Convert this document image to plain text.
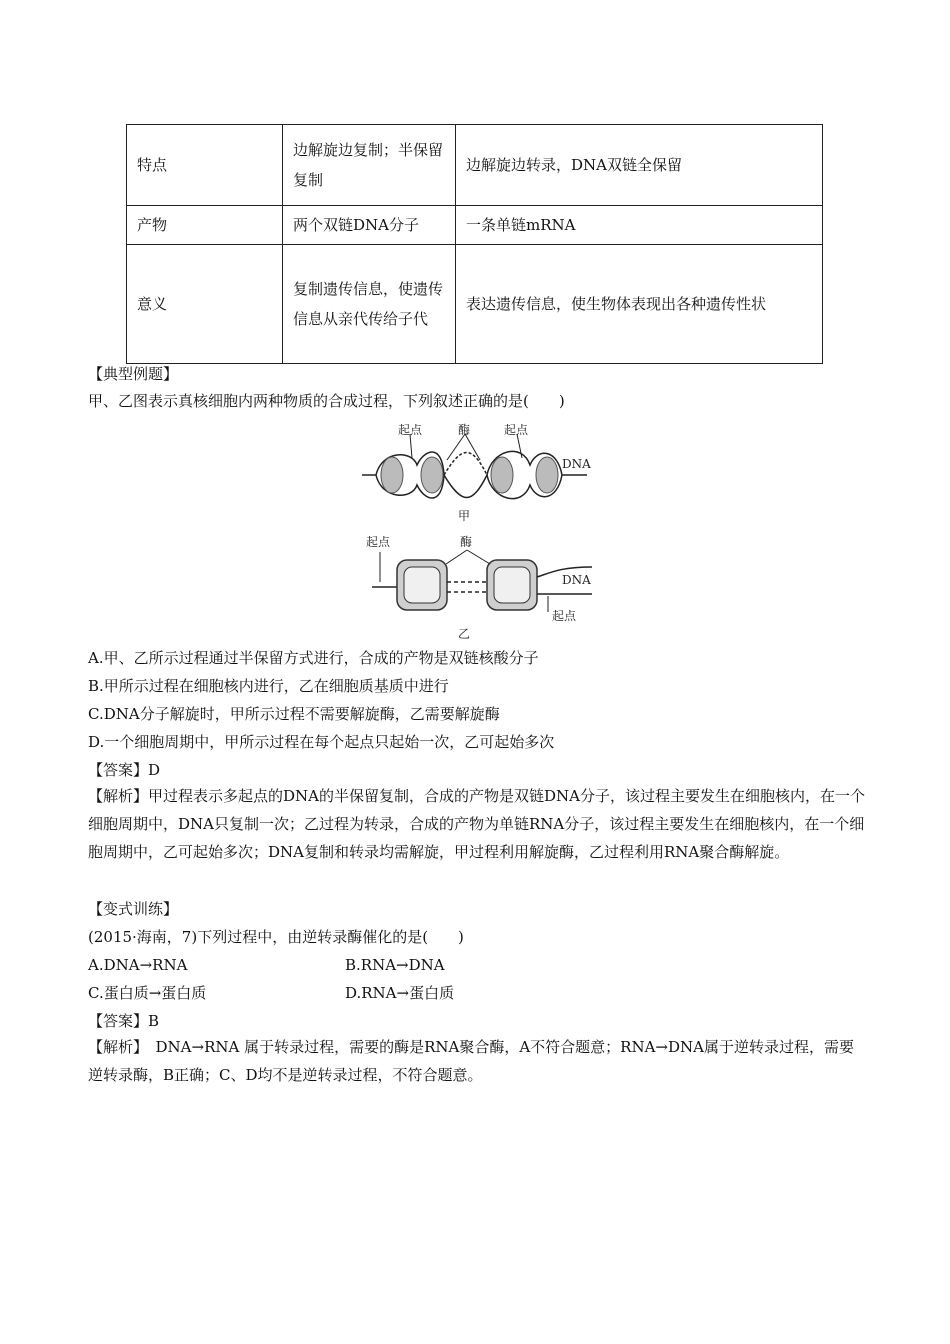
特点	边解旋边复制；半保留复制	边解旋边转录，DNA双链全保留
产物	两个双链DNA分子	一条单链mRNA
意义	复制遗传信息，使遗传信息从亲代传给子代	表达遗传信息，使生物体表现出各种遗传性状
【典型例题】
甲、乙图表示真核细胞内两种物质的合成过程，下列叙述正确的是(　　)
起点	酶	起点
DNA
甲
起点	酶
DNA
起点
乙
A.甲、乙所示过程通过半保留方式进行，合成的产物是双链核酸分子
B.甲所示过程在细胞核内进行，乙在细胞质基质中进行
C.DNA分子解旋时，甲所示过程不需要解旋酶，乙需要解旋酶
D.一个细胞周期中，甲所示过程在每个起点只起始一次，乙可起始多次
【答案】D

【解析】甲过程表示多起点的DNA的半保留复制，合成的产物是双链DNA分子，该过程主要发生在细胞核内，在一个细胞周期中，DNA只复制一次；乙过程为转录，合成的产物为单链RNA分子，该过程主要发生在细胞核内，在一个细胞周期中，乙可起始多次；DNA复制和转录均需解旋，甲过程利用解旋酶，乙过程利用RNA聚合酶解旋。

【变式训练】
(2015·海南，7)下列过程中，由逆转录酶催化的是(　　)
A.DNA→RNA	B.RNA→DNA
C.蛋白质→蛋白质	D.RNA→蛋白质
【答案】B

【解析】　DNA→RNA 属于转录过程，需要的酶是RNA聚合酶，A不符合题意；RNA→DNA属于逆转录过程，需要逆转录酶，B正确；C、D均不是逆转录过程，不符合题意。
